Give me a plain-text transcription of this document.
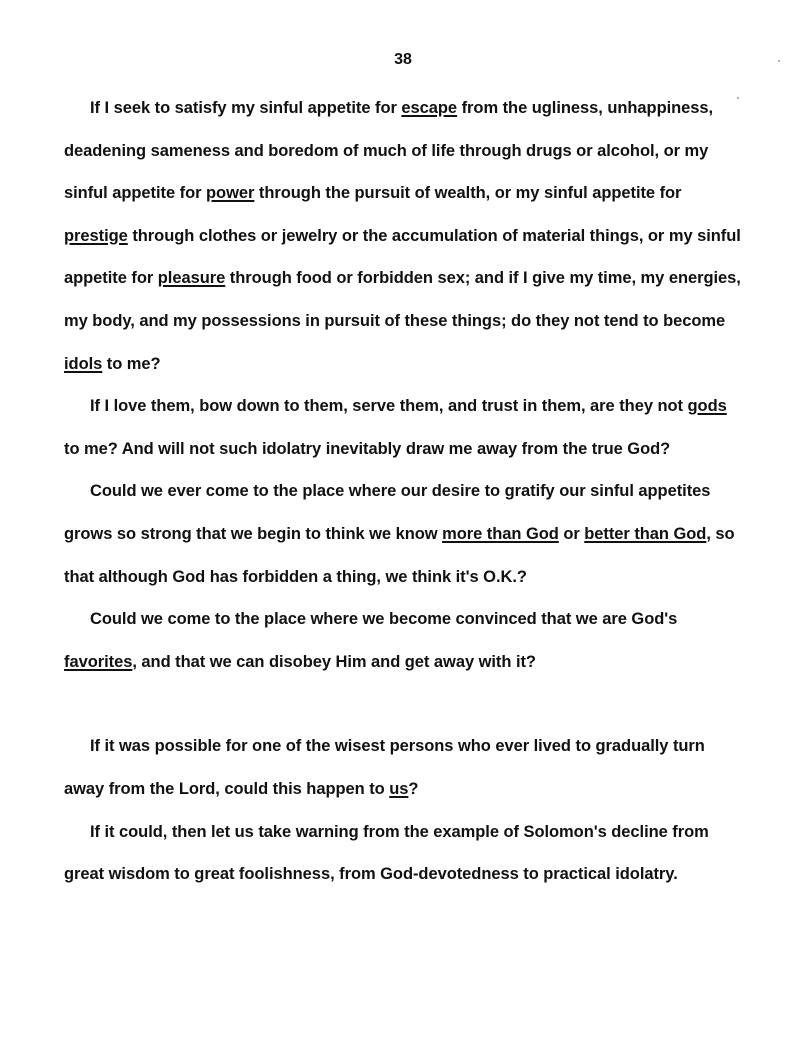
38

If I seek to satisfy my sinful appetite for escape from the ugliness, unhappiness, deadening sameness and boredom of much of life through drugs or alcohol, or my sinful appetite for power through the pursuit of wealth, or my sinful appetite for prestige through clothes or jewelry or the accumulation of material things, or my sinful appetite for pleasure through food or forbidden sex; and if I give my time, my energies, my body, and my possessions in pursuit of these things; do they not tend to become idols to me?

If I love them, bow down to them, serve them, and trust in them, are they not gods to me? And will not such idolatry inevitably draw me away from the true God?

Could we ever come to the place where our desire to gratify our sinful appetites grows so strong that we begin to think we know more than God or better than God, so that although God has forbidden a thing, we think it's O.K.?

Could we come to the place where we become convinced that we are God's favorites, and that we can disobey Him and get away with it?

If it was possible for one of the wisest persons who ever lived to gradually turn away from the Lord, could this happen to us?

If it could, then let us take warning from the example of Solomon's decline from great wisdom to great foolishness, from God-devotedness to practical idolatry.
